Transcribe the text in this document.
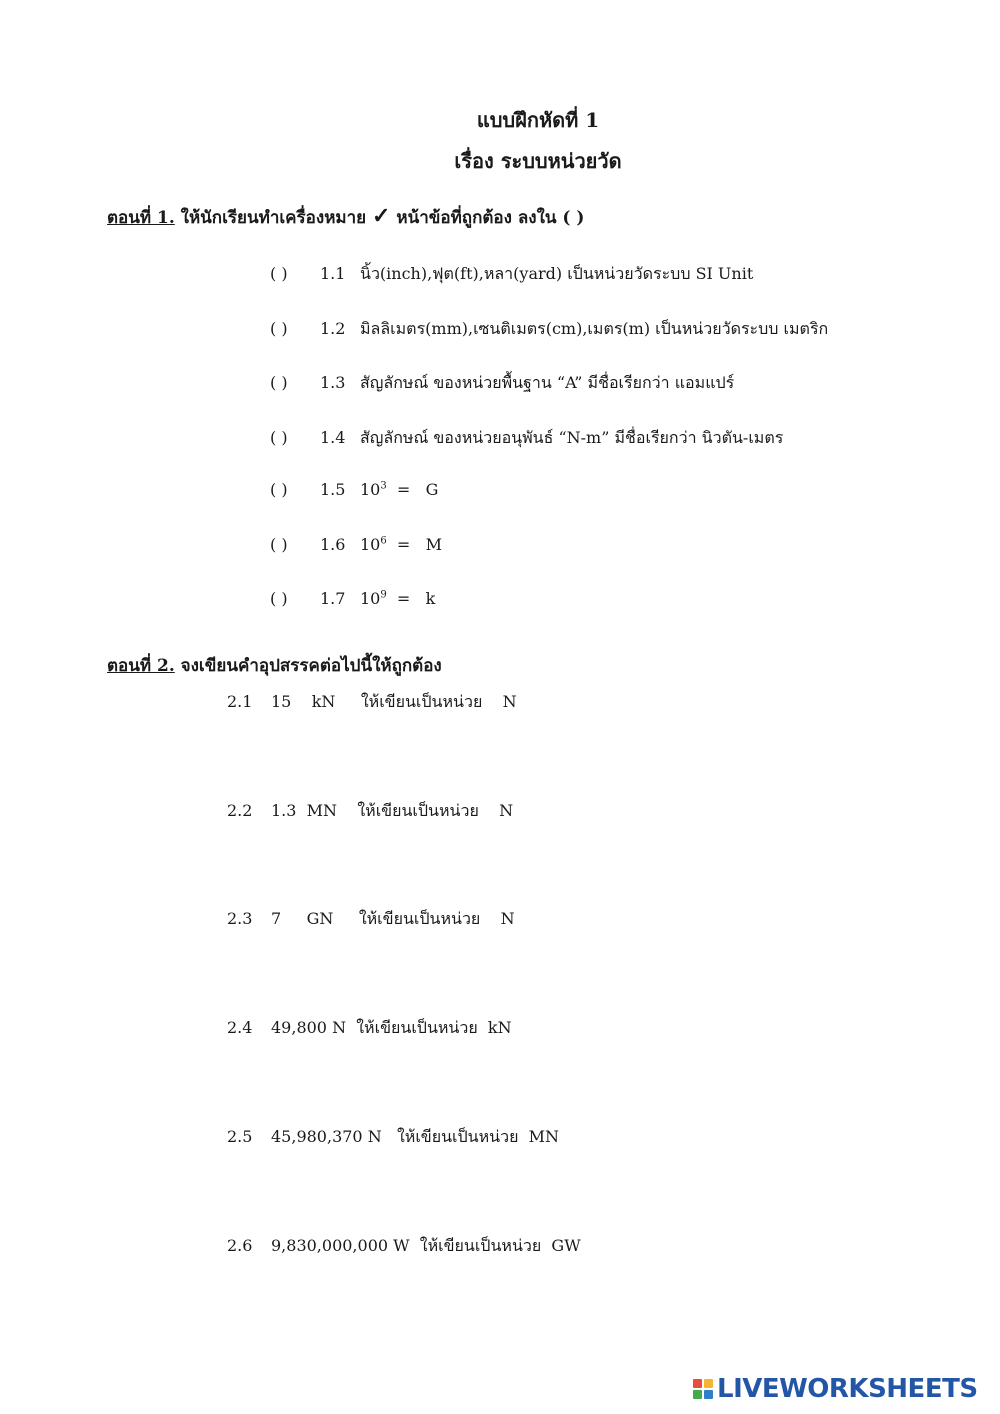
แบบฝึกหัดที่ 1
เรื่อง ระบบหน่วยวัด
ตอนที่ 1. ให้นักเรียนทำเครื่องหมาย ✓ หน้าข้อที่ถูกต้อง ลงใน ( )
( ) 1.1 นิ้ว(inch),ฟุต(ft),หลา(yard) เป็นหน่วยวัดระบบ SI Unit
( ) 1.2 มิลลิเมตร(mm),เซนติเมตร(cm),เมตร(m) เป็นหน่วยวัดระบบ เมตริก
( ) 1.3 สัญลักษณ์ ของหน่วยพื้นฐาน “A” มีชื่อเรียกว่า แอมแปร์
( ) 1.4 สัญลักษณ์ ของหน่วยอนุพันธ์ “N-m” มีชื่อเรียกว่า นิวตัน-เมตร
( ) 1.5 $10^3 = G$
( ) 1.6 $10^6 = M$
( ) 1.7 $10^9 = k$
ตอนที่ 2. จงเขียนคำอุปสรรคต่อไปนี้ให้ถูกต้อง
2.1 15    kN     ให้เขียนเป็นหน่วย    N
2.2 1.3  MN    ให้เขียนเป็นหน่วย    N
2.3 7     GN     ให้เขียนเป็นหน่วย    N
2.4 49,800 N  ให้เขียนเป็นหน่วย  kN
2.5 45,980,370 N   ให้เขียนเป็นหน่วย  MN
2.6 9,830,000,000 W  ให้เขียนเป็นหน่วย  GW
LIVEWORKSHEETS
